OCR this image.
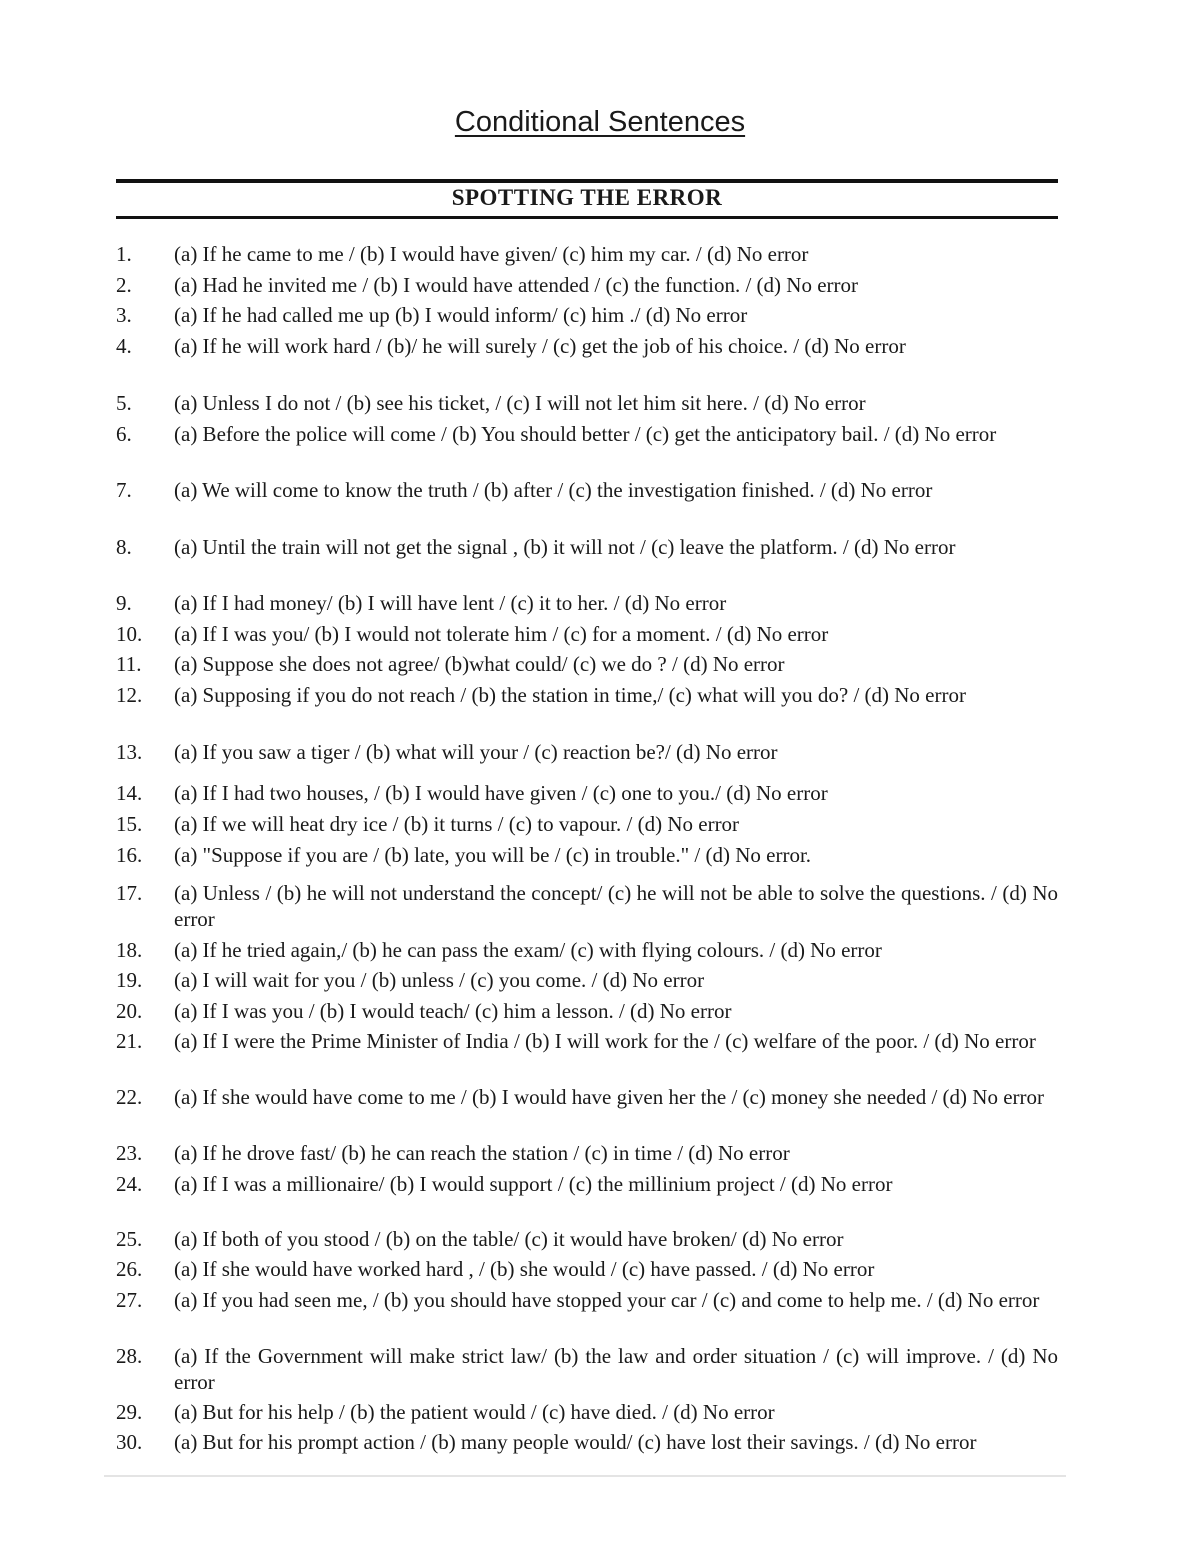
Conditional Sentences
SPOTTING THE ERROR
1.	(a) If he came to me / (b) I would have given/ (c) him my car. / (d) No error
2.	(a) Had he invited me / (b) I would have attended / (c) the function. / (d) No error
3.	(a) If he had called me up (b) I would inform/ (c) him ./ (d) No error
4.	(a) If he will work hard / (b)/ he will surely / (c) get the job of his choice. / (d) No error
5.	(a) Unless I do not / (b) see his ticket, / (c) I will not let him sit here. / (d) No error
6.	(a) Before the police will come / (b) You should better / (c) get the anticipatory bail. / (d) No error
7.	(a) We will come to know the truth / (b) after / (c) the investigation finished. / (d) No error
8.	(a) Until the train will not get the signal , (b) it will not / (c) leave the platform. / (d) No error
9.	(a) If I had money/ (b) I will have lent / (c) it to her. / (d) No error
10.	(a) If I was you/ (b) I would not tolerate him / (c) for a moment. / (d) No error
11.	(a) Suppose she does not agree/ (b)what could/ (c) we do ? / (d) No error
12.	(a) Supposing if you do not reach / (b) the station in time,/ (c) what will you do? / (d) No error
13.	(a) If you saw a tiger / (b) what will your / (c) reaction be?/ (d) No error
14.	(a) If I had two houses, / (b) I would have given / (c) one to you./ (d) No error
15.	(a) If we will heat dry ice / (b) it turns / (c) to vapour. / (d) No error
16.	(a) "Suppose if you are / (b) late, you will be / (c) in trouble." / (d) No error.
17.	(a) Unless / (b) he will not understand the concept/ (c) he will not be able to solve the questions. / (d) No error
18.	(a) If he tried again,/ (b) he can pass the exam/ (c) with flying colours. / (d) No error
19.	(a) I will wait for you / (b) unless / (c) you come. / (d) No error
20.	(a) If I was you / (b) I would teach/ (c) him a lesson. / (d) No error
21.	(a) If I were the Prime Minister of India / (b) I will work for the / (c) welfare of the poor. / (d) No error
22.	(a) If she would have come to me / (b) I would have given her the / (c) money she needed / (d) No error
23.	(a) If he drove fast/ (b) he can reach the station / (c) in time / (d) No error
24.	(a) If I was a millionaire/ (b) I would support / (c) the millinium project / (d) No error
25.	(a) If both of you stood / (b) on the table/ (c) it would have broken/ (d) No error
26.	(a) If she would have worked hard , / (b) she would / (c) have passed. / (d) No error
27.	(a) If you had seen me, / (b) you should have stopped your car / (c) and come to help me. / (d) No error
28.	(a) If the Government will make strict law/ (b) the law and order situation / (c) will improve. / (d) No error
29.	(a) But for his help / (b) the patient would / (c) have died. / (d) No error
30.	(a) But for his prompt action / (b) many people would/ (c) have lost their savings. / (d) No error
